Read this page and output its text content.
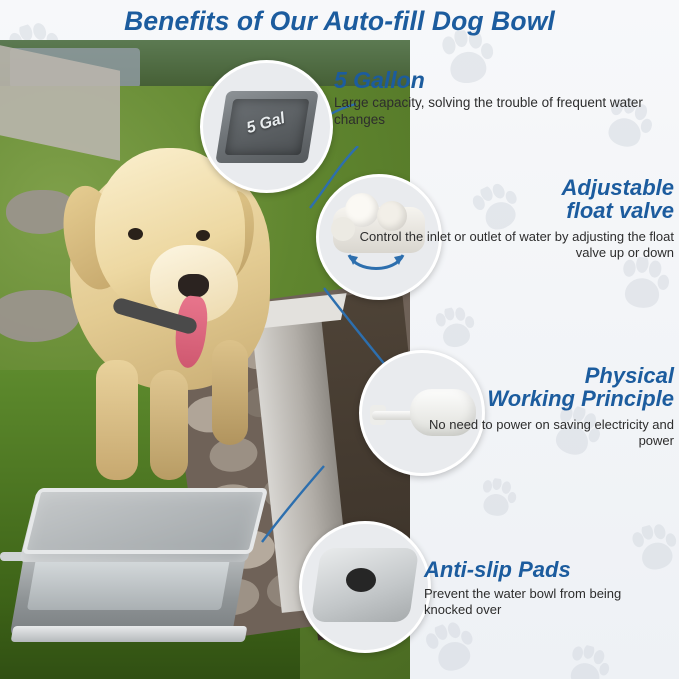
Benefits of Our Auto-fill Dog Bowl
5 Gal
5 Gallon
Large capacity, solving the trouble of frequent water changes
Adjustable
float valve
Control the inlet or outlet of water by adjusting the float valve up or down
Physical
Working Principle
No need to power on saving electricity and power
Anti-slip Pads
Prevent the water bowl from being knocked over
